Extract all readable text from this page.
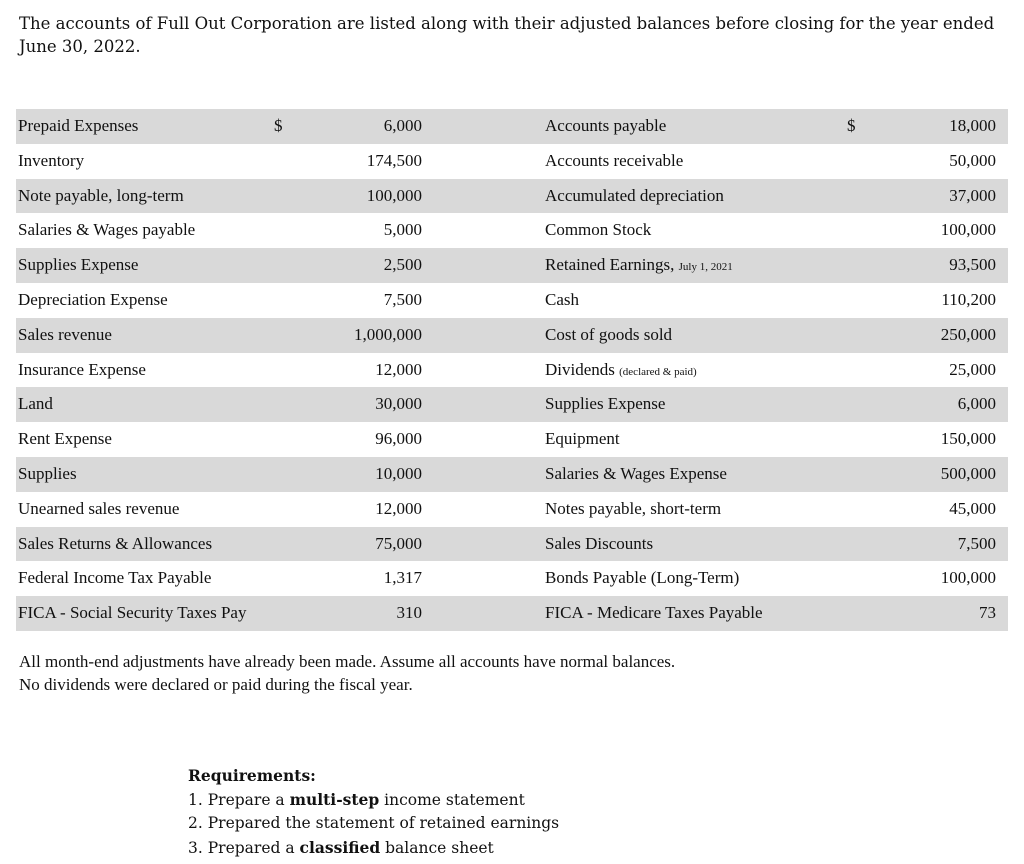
The accounts of Full Out Corporation are listed along with their adjusted balances before closing for the year ended June 30, 2022.
Prepaid Expenses	$	6,000	Accounts payable	$	18,000
Inventory	174,500	Accounts receivable	50,000
Note payable, long-term	100,000	Accumulated depreciation	37,000
Salaries & Wages payable	5,000	Common Stock	100,000
Supplies Expense	2,500	Retained Earnings, July 1, 2021	93,500
Depreciation Expense	7,500	Cash	110,200
Sales revenue	1,000,000	Cost of goods sold	250,000
Insurance Expense	12,000	Dividends (declared & paid)	25,000
Land	30,000	Supplies Expense	6,000
Rent Expense	96,000	Equipment	150,000
Supplies	10,000	Salaries & Wages Expense	500,000
Unearned sales revenue	12,000	Notes payable, short-term	45,000
Sales Returns & Allowances	75,000	Sales Discounts	7,500
Federal Income Tax Payable	1,317	Bonds Payable (Long-Term)	100,000
FICA - Social Security Taxes Pay	310	FICA - Medicare Taxes Payable	73
All month-end adjustments have already been made. Assume all accounts have normal balances.
No dividends were declared or paid during the fiscal year.
Requirements:
1. Prepare a multi-step income statement
2. Prepared the statement of retained earnings
3. Prepared a classified balance sheet
